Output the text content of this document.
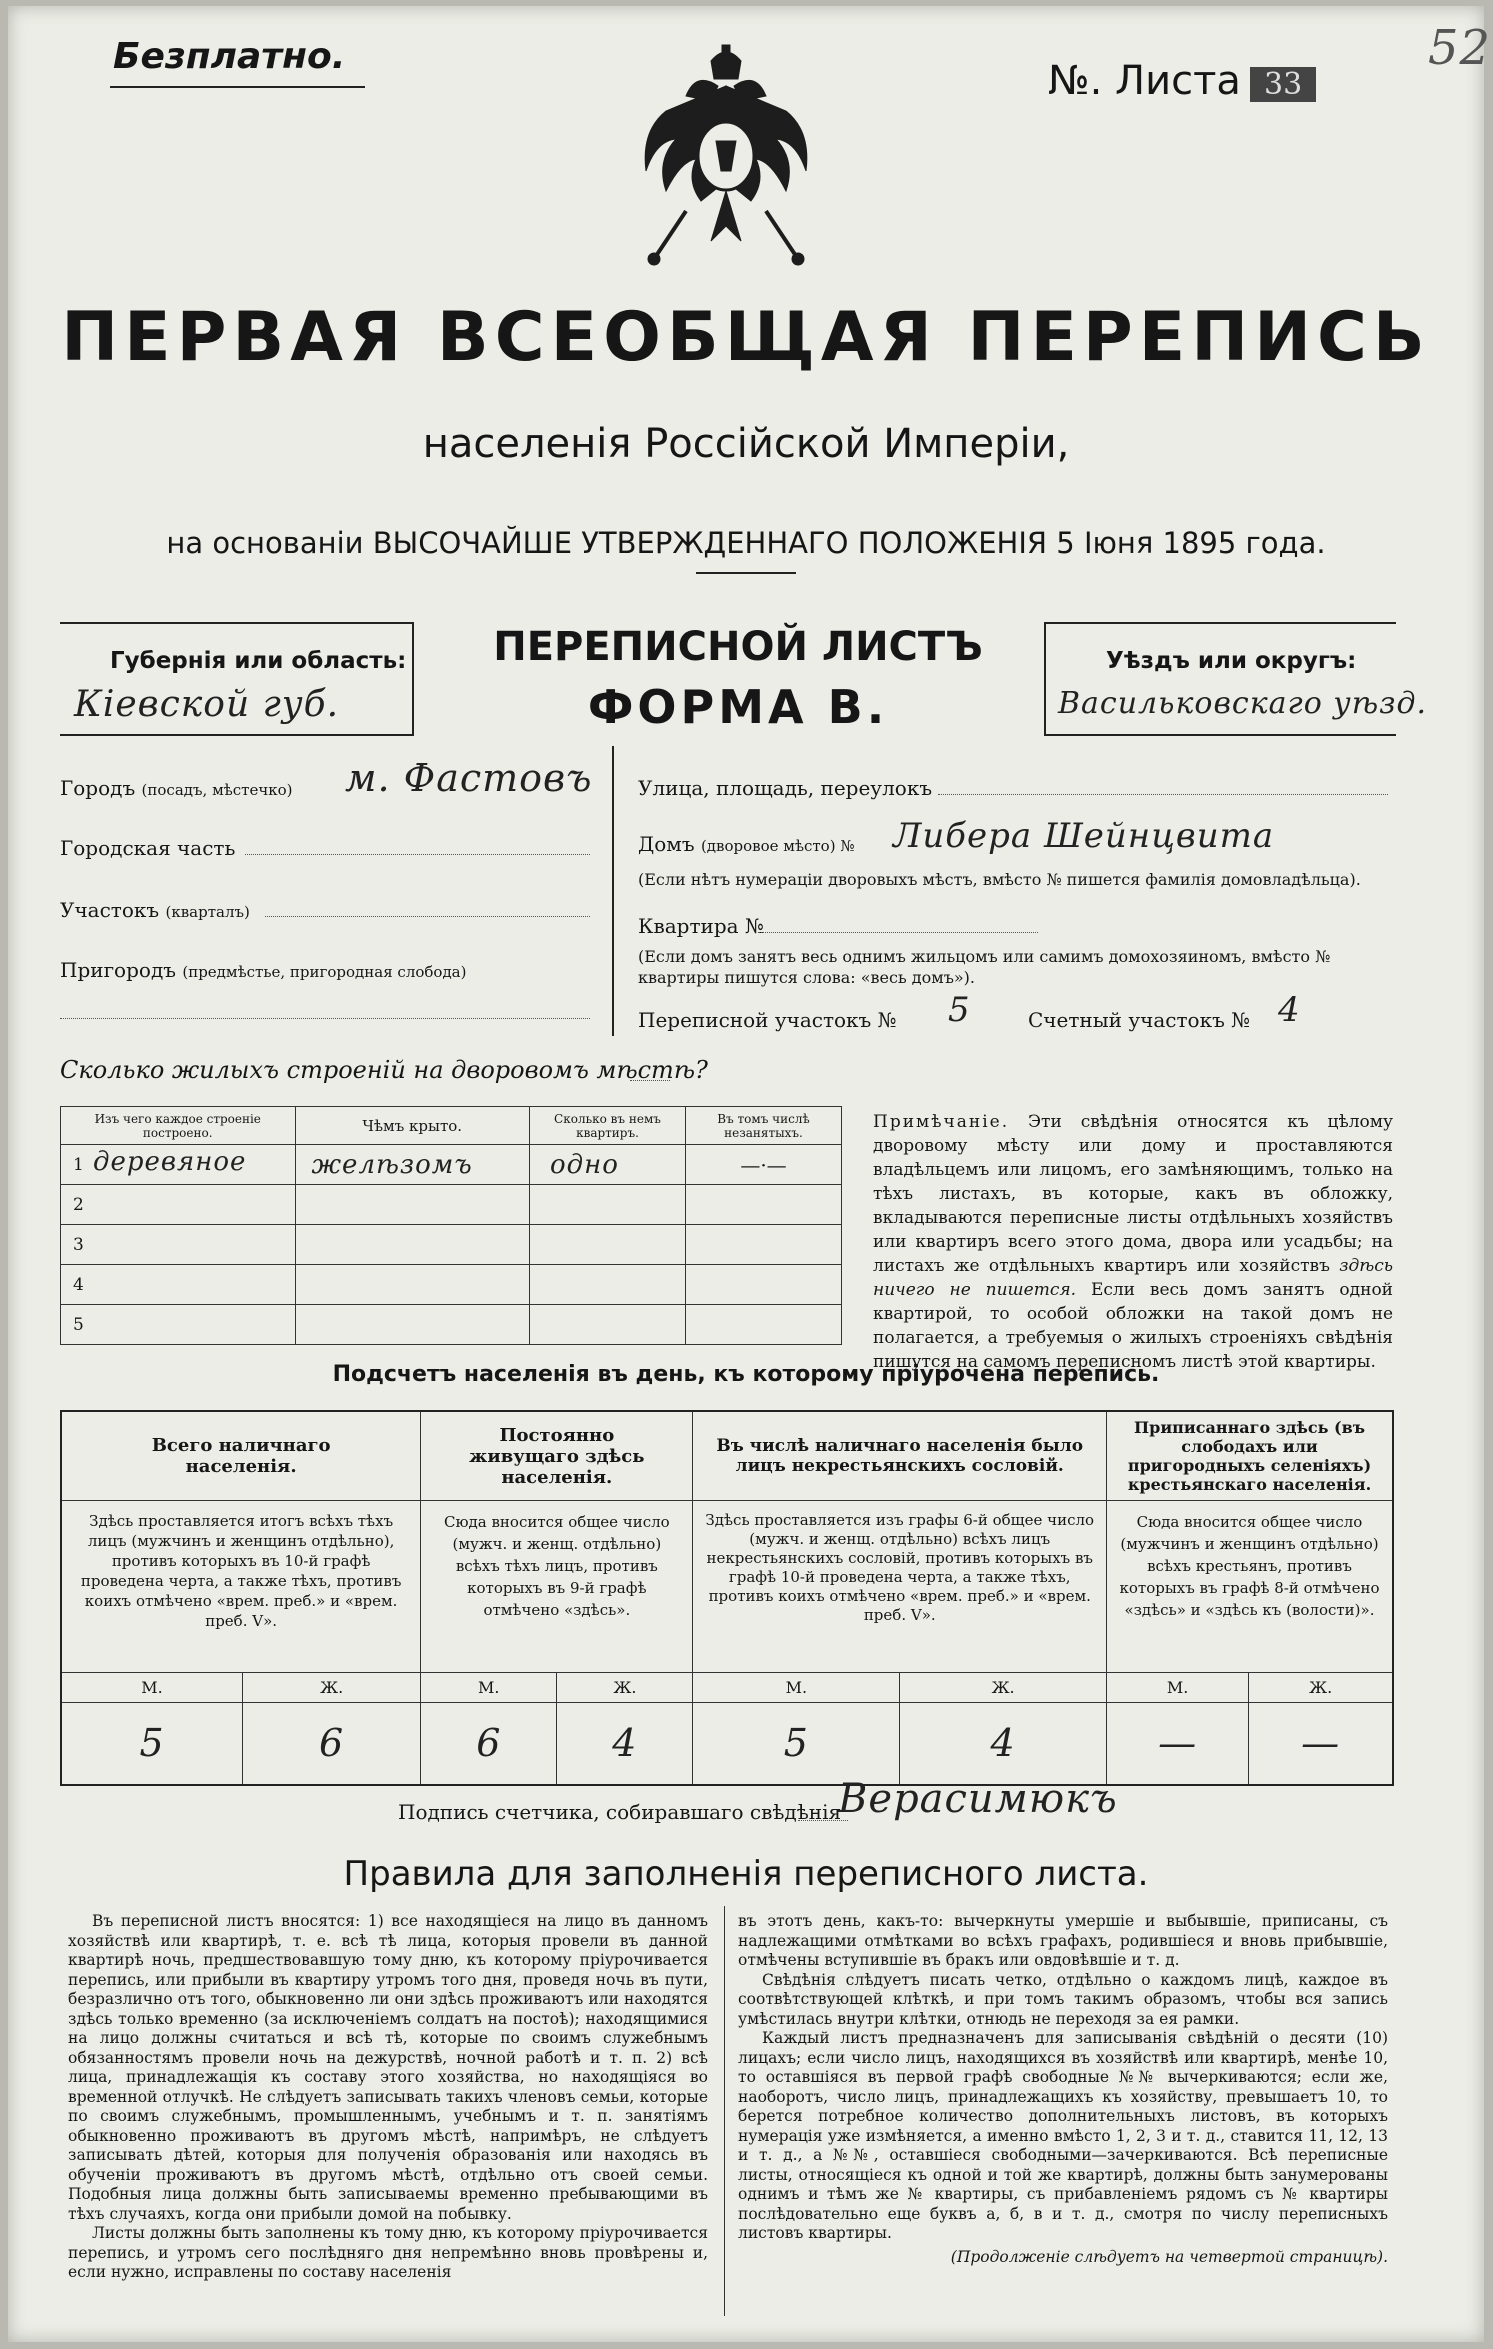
Безплатно.
№. Листа 33
52
ПЕРВАЯ ВСЕОБЩАЯ ПЕРЕПИСЬ
населенія Россійской Имперіи,
на основаніи ВЫСОЧАЙШЕ УТВЕРЖДЕННАГО ПОЛОЖЕНІЯ 5 Іюня 1895 года.
Губернія или область:
Кіевской губ.
ПЕРЕПИСНОЙ ЛИСТЪ
ФОРМА В.
Уѣздъ или округъ:
Васильковскаго уѣзд.
Городъ (посадъ, мѣстечко) м. Фастовъ
Городская часть
Участокъ (кварталъ)
Пригородъ (предмѣстье, пригородная слобода)
Улица, площадь, переулокъ
Домъ (дворовое мѣсто) № Либера Шейнцвита
(Если нѣтъ нумераціи дворовыхъ мѣстъ, вмѣсто № пишется фамилія домовладѣльца).
Квартира №
(Если домъ занятъ весь однимъ жильцомъ или самимъ домохозяиномъ, вмѣсто № квартиры пишутся слова: «весь домъ»).
Переписной участокъ № 5	Счетный участокъ № 4
Сколько жилыхъ строеній на дворовомъ мѣстѣ?
Изъ чего каждое строеніе построено.	Чѣмъ крыто.	Сколько въ немъ квартиръ.	Въ томъ числѣ незанятыхъ.

1 деревяное	желѣзомъ	одно	—·—

2			

3			

4			

5			

Примѣчаніе. Эти свѣдѣнія относятся къ цѣлому дворовому мѣсту или дому и проставляются владѣльцемъ или лицомъ, его замѣняющимъ, только на тѣхъ листахъ, въ которые, какъ въ обложку, вкладываются переписные листы отдѣльныхъ хозяйствъ или квартиръ всего этого дома, двора или усадьбы; на листахъ же отдѣльныхъ квартиръ или хозяйствъ здѣсь ничего не пишется. Если весь домъ занятъ одной квартирой, то особой обложки на такой домъ не полагается, а требуемыя о жилыхъ строеніяхъ свѣдѣнія пишутся на самомъ переписномъ листѣ этой квартиры.
Подсчетъ населенія въ день, къ которому пріурочена перепись.
Всего наличнаго населенія.		Постоянно живущаго здѣсь населенія.		Въ числѣ наличнаго населенія было лицъ некрестьянскихъ сословій.		Приписаннаго здѣсь (въ слободахъ или пригородныхъ селеніяхъ) крестьянскаго населенія.	
Здѣсь проставляется итогъ всѣхъ тѣхъ лицъ (мужчинъ и женщинъ отдѣльно), противъ которыхъ въ 10-й графѣ проведена черта, а также тѣхъ, противъ коихъ отмѣчено «врем. преб.» и «врем. преб. V».		Сюда вносится общее число (мужч. и женщ. отдѣльно) всѣхъ тѣхъ лицъ, противъ которыхъ въ 9-й графѣ отмѣчено «здѣсь».		Здѣсь проставляется изъ графы 6-й общее число (мужч. и женщ. отдѣльно) всѣхъ лицъ некрестьянскихъ сословій, противъ которыхъ въ графѣ 10-й проведена черта, а также тѣхъ, противъ коихъ отмѣчено «врем. преб.» и «врем. преб. V».		Сюда вносится общее число (мужчинъ и женщинъ отдѣльно) всѣхъ крестьянъ, противъ которыхъ въ графѣ 8-й отмѣчено «здѣсь» и «здѣсь къ (волости)».	
М.	Ж.	М.	Ж.	М.	Ж.	М.	Ж.
5	6	6	4	5	4	—	—
Подпись счетчика, собиравшаго свѣдѣнія
Верасимюкъ
Правила для заполненія переписного листа.

Въ переписной листъ вносятся: 1) все находящіеся на лицо въ данномъ хозяйствѣ или квартирѣ, т. е. всѣ тѣ лица, которыя провели въ данной квартирѣ ночь, предшествовавшую тому дню, къ которому пріурочивается перепись, или прибыли въ квартиру утромъ того дня, проведя ночь въ пути, безразлично отъ того, обыкновенно ли они здѣсь проживаютъ или находятся здѣсь только временно (за исключеніемъ солдатъ на постоѣ); находящимися на лицо должны считаться и всѣ тѣ, которые по своимъ служебнымъ обязанностямъ провели ночь на дежурствѣ, ночной работѣ и т. п. 2) всѣ лица, принадлежащія къ составу этого хозяйства, но находящіяся во временной отлучкѣ. Не слѣдуетъ записывать такихъ членовъ семьи, которые по своимъ служебнымъ, промышленнымъ, учебнымъ и т. п. занятіямъ обыкновенно проживаютъ въ другомъ мѣстѣ, напримѣръ, не слѣдуетъ записывать дѣтей, которыя для полученія образованія или находясь въ обученіи проживаютъ въ другомъ мѣстѣ, отдѣльно отъ своей семьи. Подобныя лица должны быть записываемы временно пребывающими въ тѣхъ случаяхъ, когда они прибыли домой на побывку.

Листы должны быть заполнены къ тому дню, къ которому пріурочивается перепись, и утромъ сего послѣдняго дня непремѣнно вновь провѣрены и, если нужно, исправлены по составу населенія

въ этотъ день, какъ-то: вычеркнуты умершіе и выбывшіе, приписаны, съ надлежащими отмѣтками во всѣхъ графахъ, родившіеся и вновь прибывшіе, отмѣчены вступившіе въ бракъ или овдовѣвшіе и т. д.

Свѣдѣнія слѣдуетъ писать четко, отдѣльно о каждомъ лицѣ, каждое въ соотвѣтствующей клѣткѣ, и при томъ такимъ образомъ, чтобы вся запись умѣстилась внутри клѣтки, отнюдь не переходя за ея рамки.

Каждый листъ предназначенъ для записыванія свѣдѣній о десяти (10) лицахъ; если число лицъ, находящихся въ хозяйствѣ или квартирѣ, менѣе 10, то оставшіяся въ первой графѣ свободные №№ вычеркиваются; если же, наоборотъ, число лицъ, принадлежащихъ къ хозяйству, превышаетъ 10, то берется потребное количество дополнительныхъ листовъ, въ которыхъ нумерація уже измѣняется, а именно вмѣсто 1, 2, 3 и т. д., ставится 11, 12, 13 и т. д., а №№, оставшіеся свободными—зачеркиваются. Всѣ переписные листы, относящіеся къ одной и той же квартирѣ, должны быть занумерованы однимъ и тѣмъ же № квартиры, съ прибавленіемъ рядомъ съ № квартиры послѣдовательно еще буквъ а, б, в и т. д., смотря по числу переписныхъ листовъ квартиры.

(Продолженіе слѣдуетъ на четвертой страницѣ).
